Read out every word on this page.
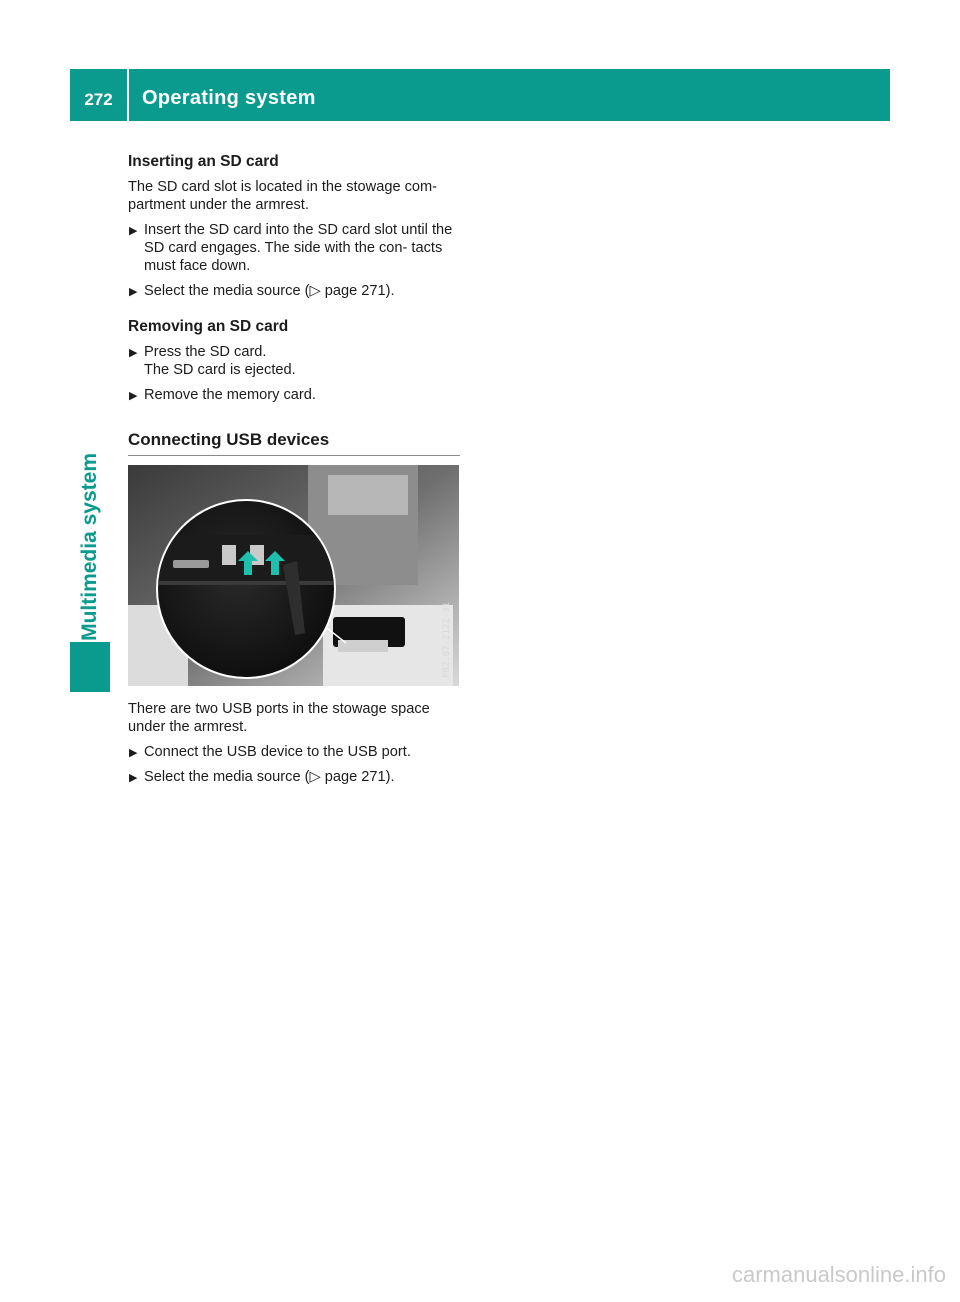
272	Operating system
Multimedia system
Inserting an SD card

The SD card slot is located in the stowage com- partment under the armrest.

▶ Insert the SD card into the SD card slot until the SD card engages. The side with the con- tacts must face down.
▶ Select the media source (▷ page 271).
Removing an SD card
▶ Press the SD card.
The SD card is ejected.
▶ Remove the memory card.
Connecting USB devices
P82.87-2122-31

There are two USB ports in the stowage space under the armrest.

▶ Connect the USB device to the USB port.
▶ Select the media source (▷ page 271).
carmanualsonline.info
